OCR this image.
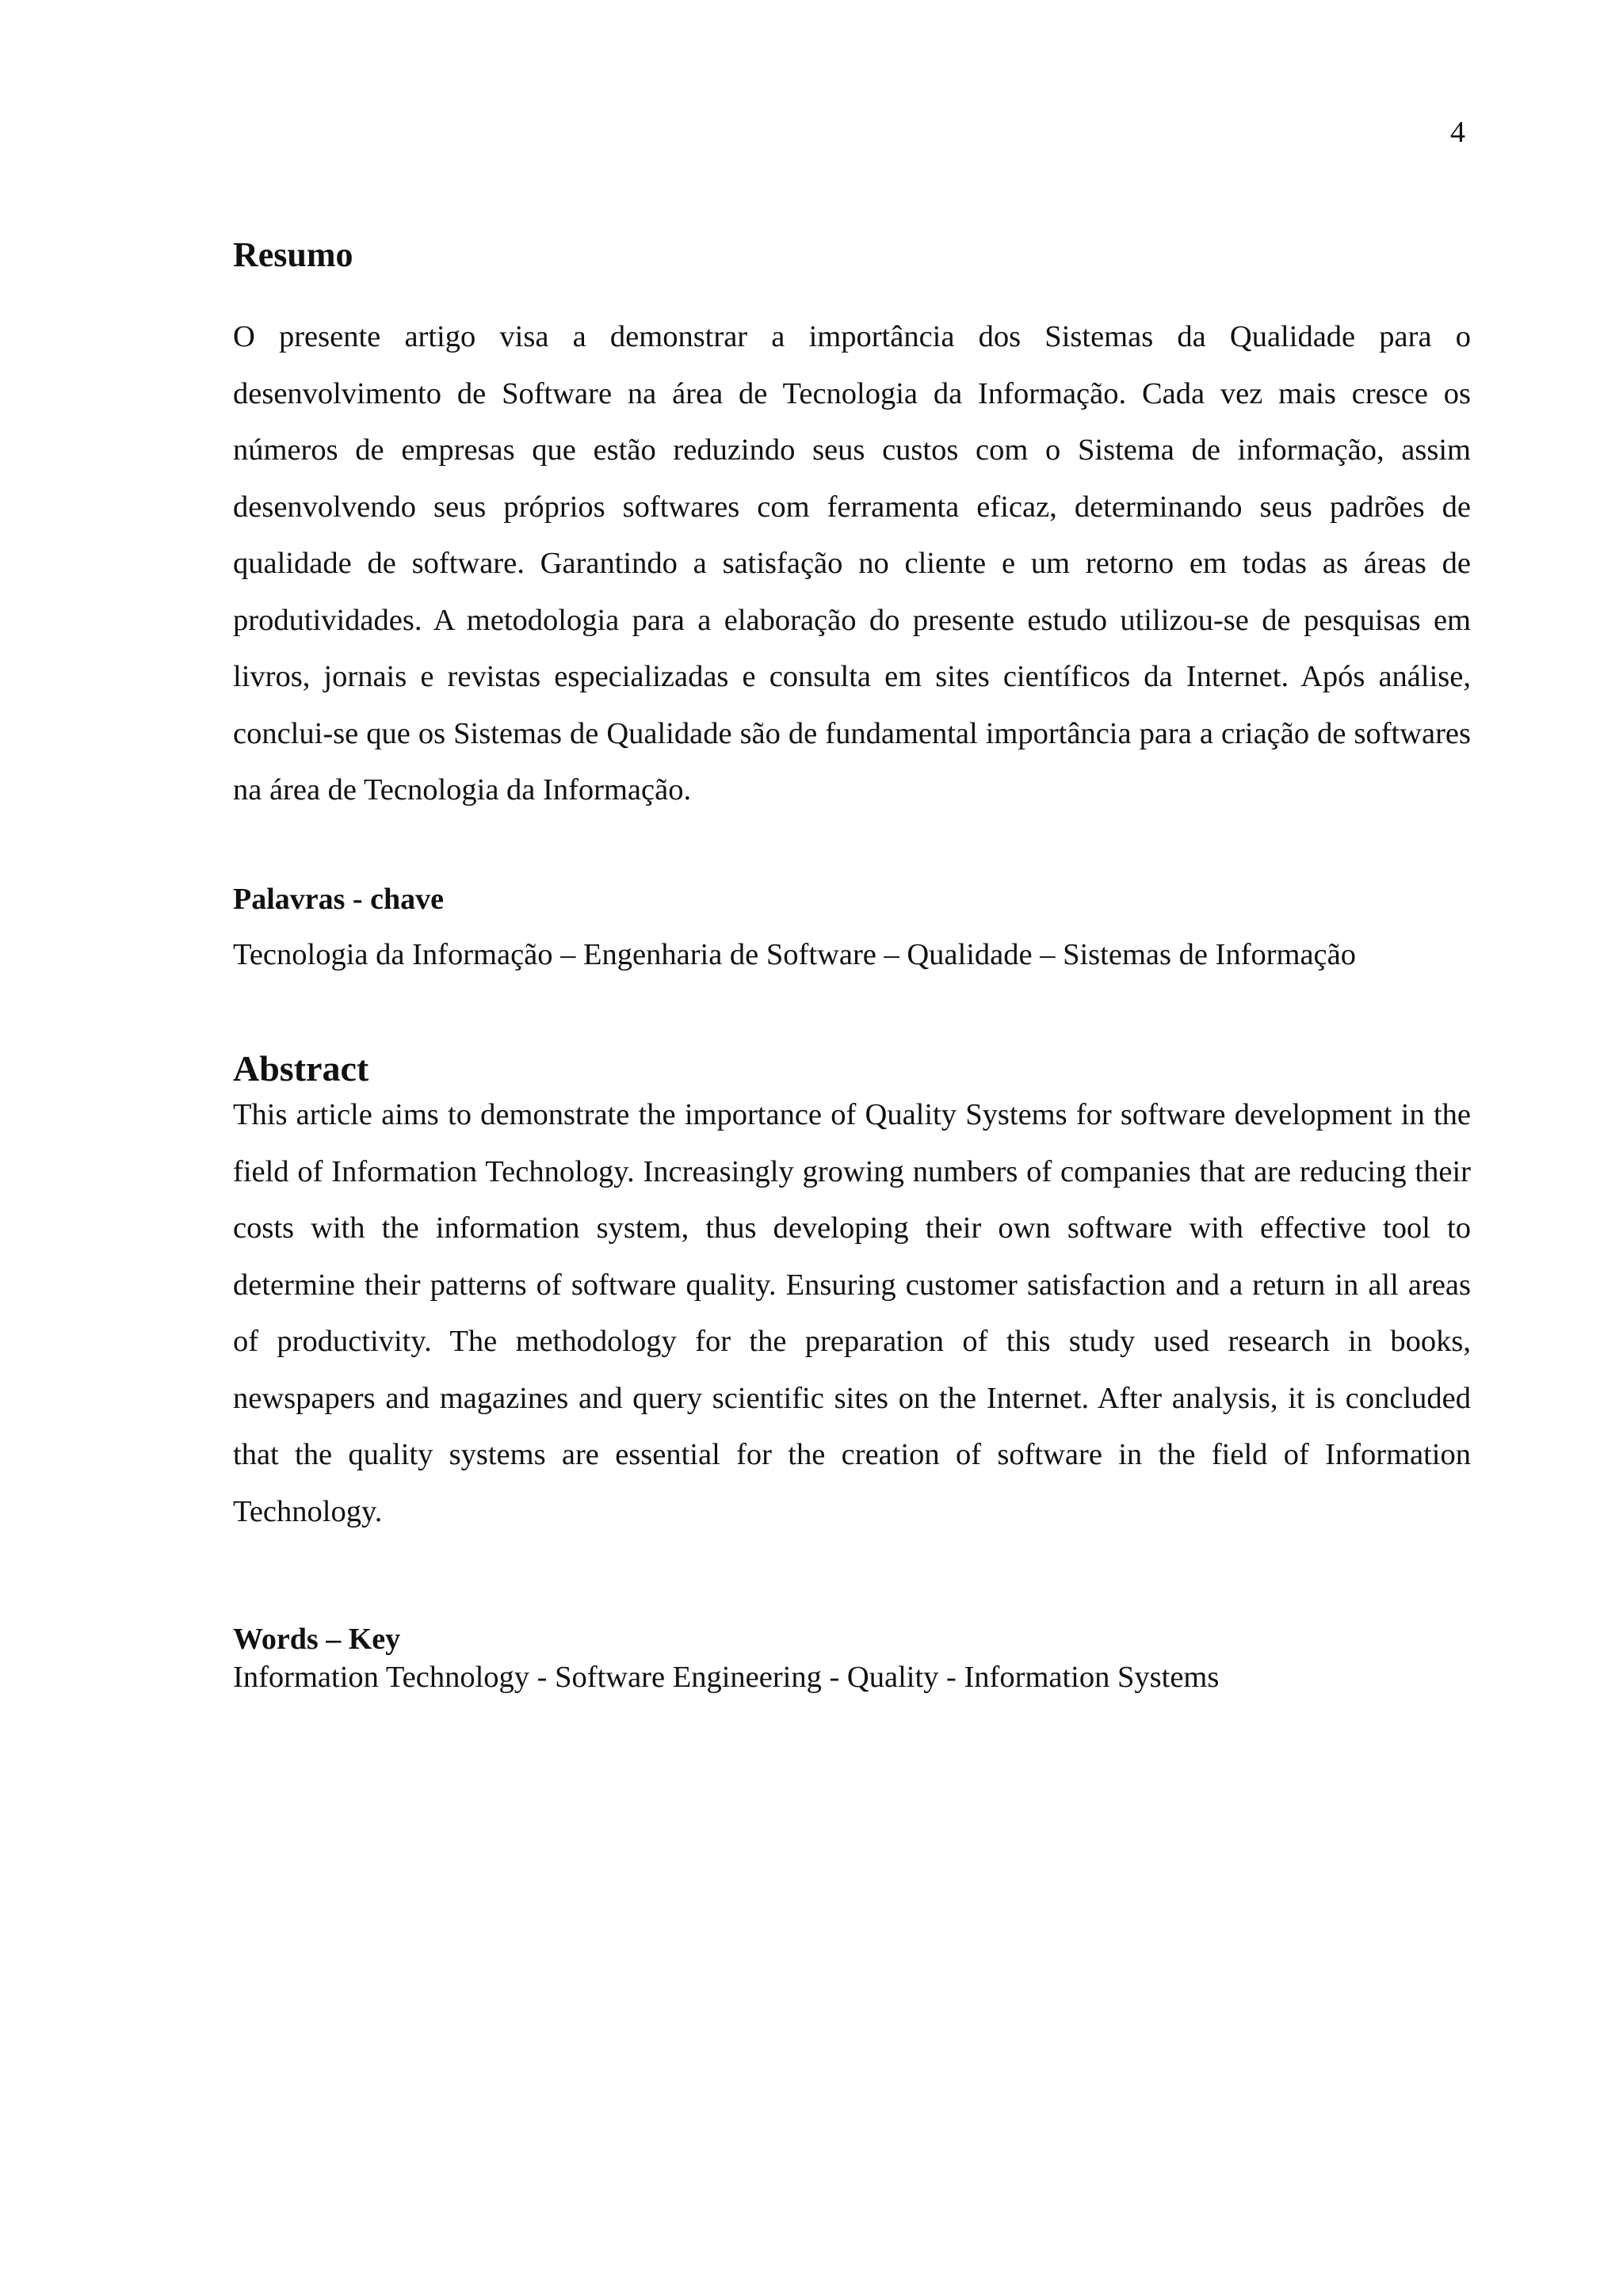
4
Resumo

O presente artigo visa a demonstrar a importância dos Sistemas da Qualidade para o desenvolvimento de Software na área de Tecnologia da Informação. Cada vez mais cresce os números de empresas que estão reduzindo seus custos com o Sistema de informação, assim desenvolvendo seus próprios softwares com ferramenta eficaz, determinando seus padrões de qualidade de software. Garantindo a satisfação no cliente e um retorno em todas as áreas de produtividades. A metodologia para a elaboração do presente estudo utilizou-se de pesquisas em livros, jornais e revistas especializadas e consulta em sites científicos da Internet. Após análise, conclui-se que os Sistemas de Qualidade são de fundamental importância para a criação de softwares na área de Tecnologia da Informação.

Palavras - chave
Tecnologia da Informação – Engenharia de Software – Qualidade – Sistemas de Informação
Abstract

This article aims to demonstrate the importance of Quality Systems for software development in the field of Information Technology. Increasingly growing numbers of companies that are reducing their costs with the information system, thus developing their own software with effective tool to determine their patterns of software quality. Ensuring customer satisfaction and a return in all areas of productivity. The methodology for the preparation of this study used research in books, newspapers and magazines and query scientific sites on the Internet. After analysis, it is concluded that the quality systems are essential for the creation of software in the field of Information Technology.

Words – Key
Information Technology - Software Engineering - Quality - Information Systems
